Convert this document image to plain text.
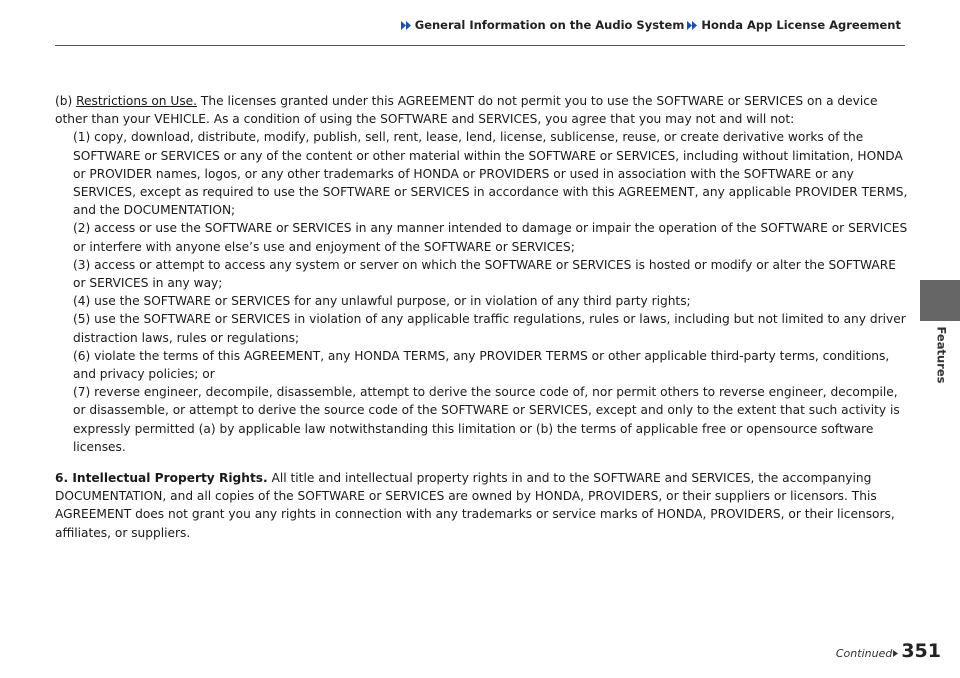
General Information on the Audio System Honda App License Agreement
Features

(b) Restrictions on Use. The licenses granted under this AGREEMENT do not permit you to use the SOFTWARE or SERVICES on a device other than your VEHICLE. As a condition of using the SOFTWARE and SERVICES, you agree that you may not and will not:

(1) copy, download, distribute, modify, publish, sell, rent, lease, lend, license, sublicense, reuse, or create derivative works of the SOFTWARE or SERVICES or any of the content or other material within the SOFTWARE or SERVICES, including without limitation, HONDA or PROVIDER names, logos, or any other trademarks of HONDA or PROVIDERS or used in association with the SOFTWARE or any SERVICES, except as required to use the SOFTWARE or SERVICES in accordance with this AGREEMENT, any applicable PROVIDER TERMS, and the DOCUMENTATION;

(2) access or use the SOFTWARE or SERVICES in any manner intended to damage or impair the operation of the SOFTWARE or SERVICES or interfere with anyone else’s use and enjoyment of the SOFTWARE or SERVICES;

(3) access or attempt to access any system or server on which the SOFTWARE or SERVICES is hosted or modify or alter the SOFTWARE or SERVICES in any way;

(4) use the SOFTWARE or SERVICES for any unlawful purpose, or in violation of any third party rights;

(5) use the SOFTWARE or SERVICES in violation of any applicable traffic regulations, rules or laws, including but not limited to any driver distraction laws, rules or regulations;

(6) violate the terms of this AGREEMENT, any HONDA TERMS, any PROVIDER TERMS or other applicable third-party terms, conditions, and privacy policies; or

(7) reverse engineer, decompile, disassemble, attempt to derive the source code of, nor permit others to reverse engineer, decompile, or disassemble, or attempt to derive the source code of the SOFTWARE or SERVICES, except and only to the extent that such activity is expressly permitted (a) by applicable law notwithstanding this limitation or (b) the terms of applicable free or opensource software licenses.

6. Intellectual Property Rights. All title and intellectual property rights in and to the SOFTWARE and SERVICES, the accompanying DOCUMENTATION, and all copies of the SOFTWARE or SERVICES are owned by HONDA, PROVIDERS, or their suppliers or licensors. This AGREEMENT does not grant you any rights in connection with any trademarks or service marks of HONDA, PROVIDERS, or their licensors, affiliates, or suppliers.

Continued 351
